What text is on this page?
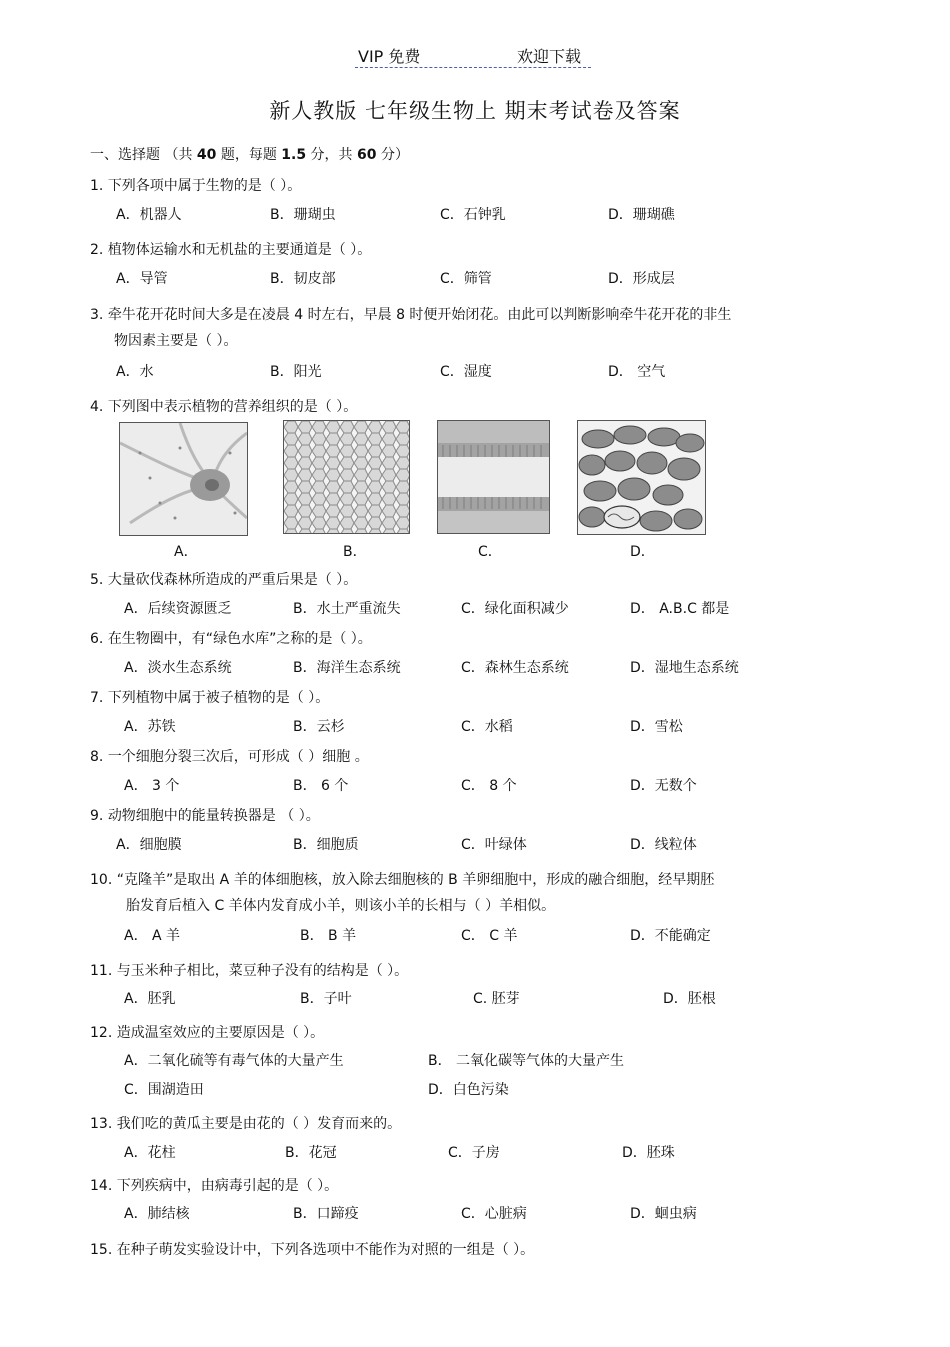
VIP 免费	欢迎下载
新人教版 七年级生物上 期末考试卷及答案
一、选择题 （共 40 题，每题 1.5 分，共 60 分）
1. 下列各项中属于生物的是（ ）。
A．机器人	B．珊瑚虫	C．石钟乳	D．珊瑚礁
2. 植物体运输水和无机盐的主要通道是（ ）。
A．导管	B．韧皮部	C．筛管	D．形成层
3. 牵牛花开花时间大多是在凌晨 4 时左右，早晨 8 时便开始闭花。由此可以判断影响牵牛花开花的非生
物因素主要是（ ）。
A．水	B．阳光	C．湿度	D． 空气
4. 下列图中表示植物的营养组织的是（ ）。
A．	B．	C．	D．
5. 大量砍伐森林所造成的严重后果是（ ）。
A．后续资源匮乏	B．水土严重流失	C．绿化面积减少	D． A.B.C 都是
6. 在生物圈中，有“绿色水库”之称的是（ ）。
A．淡水生态系统	B．海洋生态系统	C．森林生态系统	D．湿地生态系统
7. 下列植物中属于被子植物的是（ ）。
A．苏铁	B．云杉	C．水稻	D．雪松
8. 一个细胞分裂三次后，可形成（ ）细胞 。
A． 3 个	B． 6 个	C． 8 个	D．无数个
9. 动物细胞中的能量转换器是 （ ）。
A．细胞膜	B．细胞质	C．叶绿体	D．线粒体
10. “克隆羊”是取出 A 羊的体细胞核，放入除去细胞核的 B 羊卵细胞中，形成的融合细胞，经早期胚
胎发育后植入 C 羊体内发育成小羊，则该小羊的长相与（ ）羊相似。
A． A 羊	B． B 羊	C． C 羊	D．不能确定
11. 与玉米种子相比，菜豆种子没有的结构是（ ）。
A．胚乳	B．子叶	C. 胚芽	D．胚根
12. 造成温室效应的主要原因是（ ）。
A．二氧化硫等有毒气体的大量产生	B． 二氧化碳等气体的大量产生
C．围湖造田	D．白色污染
13. 我们吃的黄瓜主要是由花的（ ）发育而来的。
A．花柱	B．花冠	C．子房	D．胚珠
14. 下列疾病中，由病毒引起的是（ ）。
A．肺结核	B．口蹄疫	C．心脏病	D．蛔虫病
15. 在种子萌发实验设计中，下列各选项中不能作为对照的一组是（ ）。
